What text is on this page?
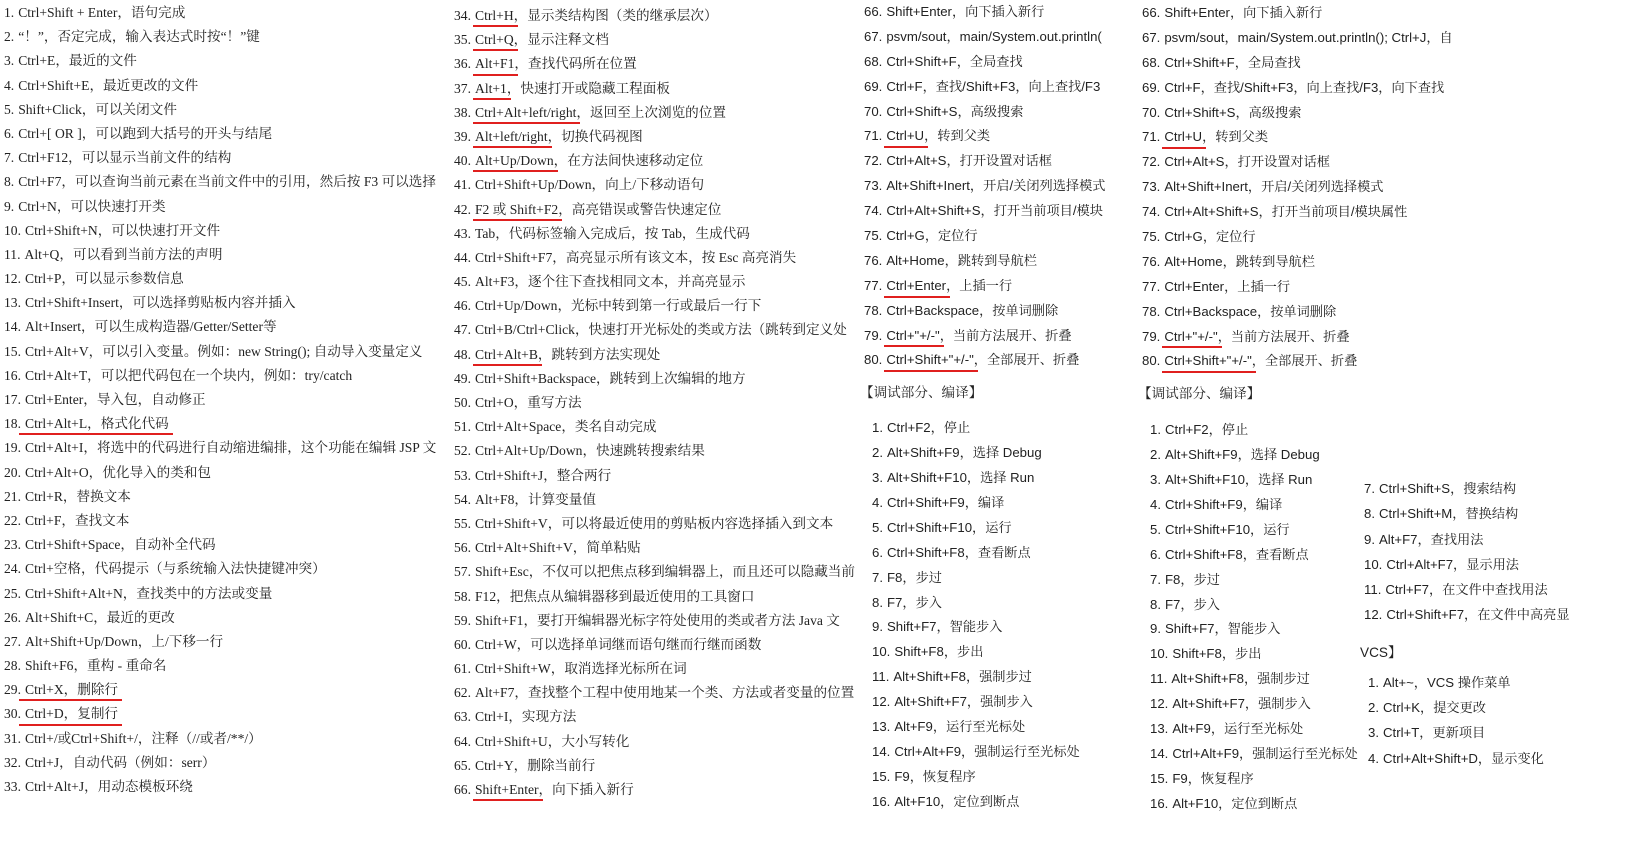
1. Ctrl+Shift + Enter，语句完成
2. “！”，否定完成，输入表达式时按“！”键
3. Ctrl+E，最近的文件
4. Ctrl+Shift+E，最近更改的文件
5. Shift+Click，可以关闭文件
6. Ctrl+[ OR ]，可以跑到大括号的开头与结尾
7. Ctrl+F12，可以显示当前文件的结构
8. Ctrl+F7，可以查询当前元素在当前文件中的引用，然后按 F3 可以选择
9. Ctrl+N，可以快速打开类
10. Ctrl+Shift+N，可以快速打开文件
11. Alt+Q，可以看到当前方法的声明
12. Ctrl+P，可以显示参数信息
13. Ctrl+Shift+Insert，可以选择剪贴板内容并插入
14. Alt+Insert，可以生成构造器/Getter/Setter等
15. Ctrl+Alt+V，可以引入变量。例如：new String(); 自动导入变量定义
16. Ctrl+Alt+T，可以把代码包在一个块内，例如：try/catch
17. Ctrl+Enter，导入包，自动修正
18. Ctrl+Alt+L，格式化代码
19. Ctrl+Alt+I，将选中的代码进行自动缩进编排，这个功能在编辑 JSP 文
20. Ctrl+Alt+O，优化导入的类和包
21. Ctrl+R，替换文本
22. Ctrl+F，查找文本
23. Ctrl+Shift+Space，自动补全代码
24. Ctrl+空格，代码提示（与系统输入法快捷键冲突）
25. Ctrl+Shift+Alt+N，查找类中的方法或变量
26. Alt+Shift+C，最近的更改
27. Alt+Shift+Up/Down，上/下移一行
28. Shift+F6，重构 - 重命名
29. Ctrl+X，删除行
30. Ctrl+D，复制行
31. Ctrl+/或Ctrl+Shift+/，注释（//或者/**/）
32. Ctrl+J，自动代码（例如：serr）
33. Ctrl+Alt+J，用动态模板环绕
34. Ctrl+H，显示类结构图（类的继承层次）
35. Ctrl+Q，显示注释文档
36. Alt+F1，查找代码所在位置
37. Alt+1，快速打开或隐藏工程面板
38. Ctrl+Alt+left/right，返回至上次浏览的位置
39. Alt+left/right，切换代码视图
40. Alt+Up/Down，在方法间快速移动定位
41. Ctrl+Shift+Up/Down，向上/下移动语句
42. F2 或 Shift+F2，高亮错误或警告快速定位
43. Tab，代码标签输入完成后，按 Tab，生成代码
44. Ctrl+Shift+F7，高亮显示所有该文本，按 Esc 高亮消失
45. Alt+F3，逐个往下查找相同文本，并高亮显示
46. Ctrl+Up/Down，光标中转到第一行或最后一行下
47. Ctrl+B/Ctrl+Click，快速打开光标处的类或方法（跳转到定义处
48. Ctrl+Alt+B，跳转到方法实现处
49. Ctrl+Shift+Backspace，跳转到上次编辑的地方
50. Ctrl+O，重写方法
51. Ctrl+Alt+Space，类名自动完成
52. Ctrl+Alt+Up/Down，快速跳转搜索结果
53. Ctrl+Shift+J，整合两行
54. Alt+F8，计算变量值
55. Ctrl+Shift+V，可以将最近使用的剪贴板内容选择插入到文本
56. Ctrl+Alt+Shift+V，简单粘贴
57. Shift+Esc，不仅可以把焦点移到编辑器上，而且还可以隐藏当前
58. F12，把焦点从编辑器移到最近使用的工具窗口
59. Shift+F1，要打开编辑器光标字符处使用的类或者方法 Java 文
60. Ctrl+W，可以选择单词继而语句继而行继而函数
61. Ctrl+Shift+W，取消选择光标所在词
62. Alt+F7，查找整个工程中使用地某一个类、方法或者变量的位置
63. Ctrl+I，实现方法
64. Ctrl+Shift+U，大小写转化
65. Ctrl+Y，删除当前行
66. Shift+Enter，向下插入新行
66. Shift+Enter，向下插入新行
67. psvm/sout，main/System.out.println(
68. Ctrl+Shift+F，全局查找
69. Ctrl+F，查找/Shift+F3，向上查找/F3
70. Ctrl+Shift+S，高级搜索
71. Ctrl+U，转到父类
72. Ctrl+Alt+S，打开设置对话框
73. Alt+Shift+Inert，开启/关闭列选择模式
74. Ctrl+Alt+Shift+S，打开当前项目/模块
75. Ctrl+G，定位行
76. Alt+Home，跳转到导航栏
77. Ctrl+Enter，上插一行
78. Ctrl+Backspace，按单词删除
79. Ctrl+"+/-"，当前方法展开、折叠
80. Ctrl+Shift+"+/-"，全部展开、折叠
【调试部分、编译】
1. Ctrl+F2，停止
2. Alt+Shift+F9，选择 Debug
3. Alt+Shift+F10，选择 Run
4. Ctrl+Shift+F9，编译
5. Ctrl+Shift+F10，运行
6. Ctrl+Shift+F8，查看断点
7. F8，步过
8. F7，步入
9. Shift+F7，智能步入
10. Shift+F8，步出
11. Alt+Shift+F8，强制步过
12. Alt+Shift+F7，强制步入
13. Alt+F9，运行至光标处
14. Ctrl+Alt+F9，强制运行至光标处
15. F9，恢复程序
16. Alt+F10，定位到断点
66. Shift+Enter，向下插入新行
67. psvm/sout，main/System.out.println(); Ctrl+J，自
68. Ctrl+Shift+F，全局查找
69. Ctrl+F，查找/Shift+F3，向上查找/F3，向下查找
70. Ctrl+Shift+S，高级搜索
71. Ctrl+U，转到父类
72. Ctrl+Alt+S，打开设置对话框
73. Alt+Shift+Inert，开启/关闭列选择模式
74. Ctrl+Alt+Shift+S，打开当前项目/模块属性
75. Ctrl+G，定位行
76. Alt+Home，跳转到导航栏
77. Ctrl+Enter，上插一行
78. Ctrl+Backspace，按单词删除
79. Ctrl+"+/-"，当前方法展开、折叠
80. Ctrl+Shift+"+/-"，全部展开、折叠
【调试部分、编译】
1. Ctrl+F2，停止
2. Alt+Shift+F9，选择 Debug
3. Alt+Shift+F10，选择 Run
4. Ctrl+Shift+F9，编译
5. Ctrl+Shift+F10，运行
6. Ctrl+Shift+F8，查看断点
7. F8，步过
8. F7，步入
9. Shift+F7，智能步入
10. Shift+F8，步出
11. Alt+Shift+F8，强制步过
12. Alt+Shift+F7，强制步入
13. Alt+F9，运行至光标处
14. Ctrl+Alt+F9，强制运行至光标处
15. F9，恢复程序
16. Alt+F10，定位到断点
7. Ctrl+Shift+S，搜索结构
8. Ctrl+Shift+M，替换结构
9. Alt+F7，查找用法
10. Ctrl+Alt+F7，显示用法
11. Ctrl+F7，在文件中查找用法
12. Ctrl+Shift+F7，在文件中高亮显
VCS】
1. Alt+~，VCS 操作菜单
2. Ctrl+K，提交更改
3. Ctrl+T，更新项目
4. Ctrl+Alt+Shift+D，显示变化
